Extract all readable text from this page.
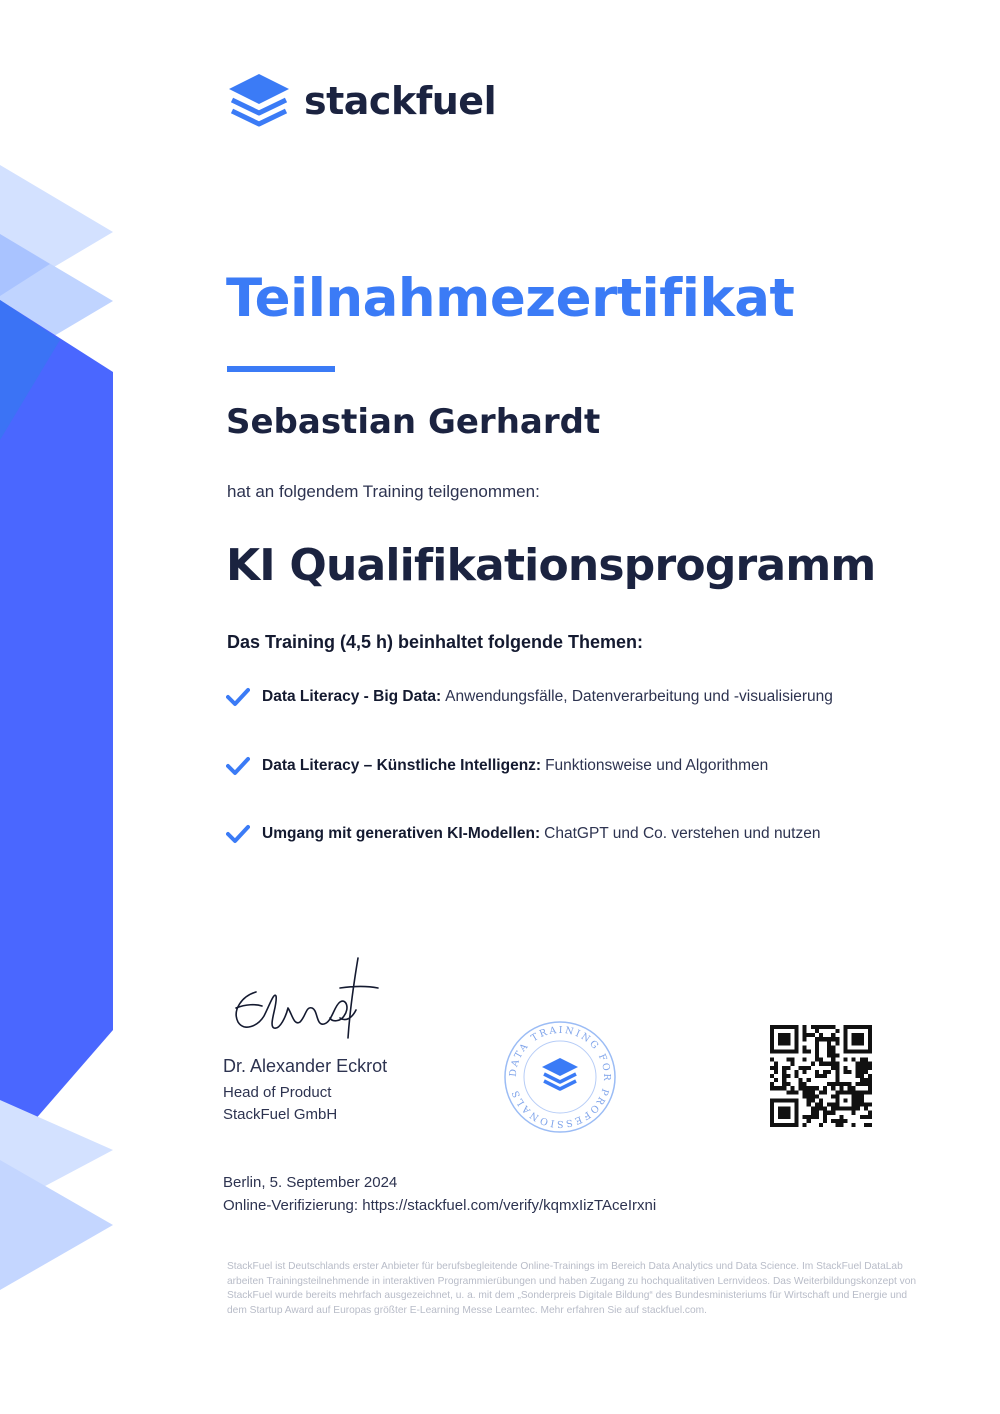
stackfuel
Teilnahmezertifikat
Sebastian Gerhardt
hat an folgendem Training teilgenommen:
KI Qualifikationsprogramm
Das Training (4,5 h) beinhaltet folgende Themen:
Data Literacy - Big Data: Anwendungsfälle, Datenverarbeitung und -visualisierung
Data Literacy – Künstliche Intelligenz: Funktionsweise und Algorithmen
Umgang mit generativen KI-Modellen: ChatGPT und Co. verstehen und nutzen
Dr. Alexander Eckrot
Head of Product
StackFuel GmbH
DATA TRAINING FOR PROFESSIONALS
Berlin, 5. September 2024
Online-Verifizierung: https://stackfuel.com/verify/kqmxIizTAceIrxni
StackFuel ist Deutschlands erster Anbieter für berufsbegleitende Online-Trainings im Bereich Data Analytics und Data Science. Im StackFuel DataLab arbeiten Trainingsteilnehmende in interaktiven Programmierübungen und haben Zugang zu hochqualitativen Lernvideos. Das Weiterbildungskonzept von StackFuel wurde bereits mehrfach ausgezeichnet, u. a. mit dem „Sonderpreis Digitale Bildung“ des Bundesministeriums für Wirtschaft und Energie und dem Startup Award auf Europas größter E-Learning Messe Learntec. Mehr erfahren Sie auf stackfuel.com.
